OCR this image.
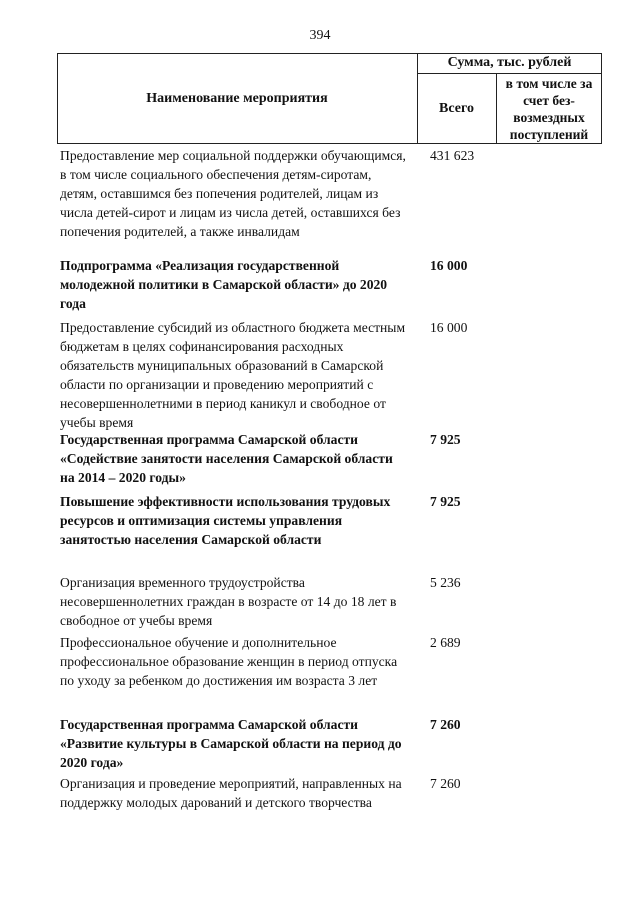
394
Наименование мероприятия
Сумма, тыс. рублей
Всего
в том числе за счет без-возмездных поступлений
Предоставление мер социальной поддержки обучающимся, в том числе социального обеспечения детям-сиротам, детям, оставшимся без попечения родителей, лицам из числа детей-сирот и лицам из числа детей, оставшихся без попечения родителей, а также инвалидам
431 623
Подпрограмма «Реализация государственной молодежной политики в Самарской области» до 2020 года
16 000
Предоставление субсидий из областного бюджета местным бюджетам в целях софинансирования расходных обязательств муниципальных образований в Самарской области по организации и проведению мероприятий с несовершеннолетними в период каникул и свободное от учебы время
16 000
Государственная программа Самарской области «Содействие занятости населения Самарской области на 2014 – 2020 годы»
7 925
Повышение эффективности использования трудовых ресурсов и оптимизация системы управления занятостью населения Самарской области
7 925
Организация временного трудоустройства несовершеннолетних граждан в возрасте от 14 до 18 лет в свободное от учебы время
5 236
Профессиональное обучение и дополнительное профессиональное образование женщин в период отпуска по уходу за ребенком до достижения им возраста 3 лет
2 689
Государственная программа Самарской области «Развитие культуры в Самарской области на период до 2020 года»
7 260
Организация и проведение мероприятий, направленных на поддержку молодых дарований и детского творчества
7 260
